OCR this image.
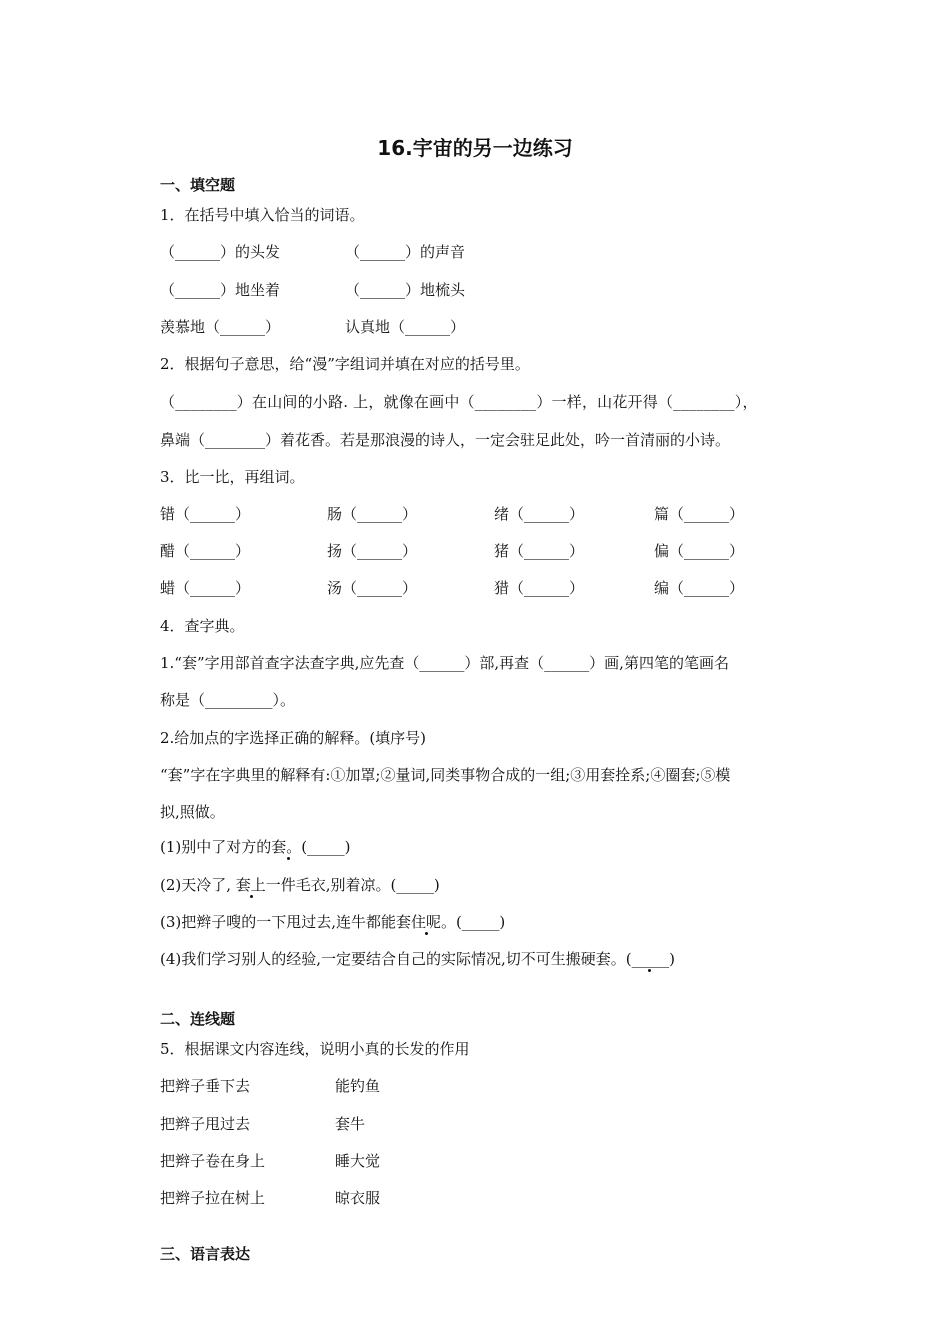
16.宇宙的另一边练习
一、填空题
1．在括号中填入恰当的词语。
（______）的头发	（______）的声音
（______）地坐着	（______）地梳头
羡慕地（______）	认真地（______）
2．根据句子意思，给“漫”字组词并填在对应的括号里。
（________）在山间的小路. 上，就像在画中（________）一样，山花开得（________），
鼻端（________）着花香。若是那浪漫的诗人，一定会驻足此处，吟一首清丽的小诗。
3．比一比，再组词。
错（______）	肠（______）	绪（______）	篇（______）
醋（______）	扬（______）	猪（______）	偏（______）
蜡（______）	汤（______）	猎（______）	编（______）
4．查字典。
1.“套”字用部首查字法查字典,应先查（______）部,再查（______）画,第四笔的笔画名
称是（_________）。
2.给加点的字选择正确的解释。(填序号)
“套”字在字典里的解释有:①加罩;②量词,同类事物合成的一组;③用套拴系;④圈套;⑤模
拟,照做。
(1)别中了对方的套。(_____)
(2)天冷了, 套上一件毛衣,别着凉。(_____)
(3)把辫子嗖的一下甩过去,连牛都能套住呢。(_____)
(4)我们学习别人的经验,一定要结合自己的实际情况,切不可生搬硬套。(_____)
二、连线题
5．根据课文内容连线，说明小真的长发的作用
把辫子垂下去	能钓鱼
把辫子甩过去	套牛
把辫子卷在身上	睡大觉
把辫子拉在树上	晾衣服
三、语言表达
